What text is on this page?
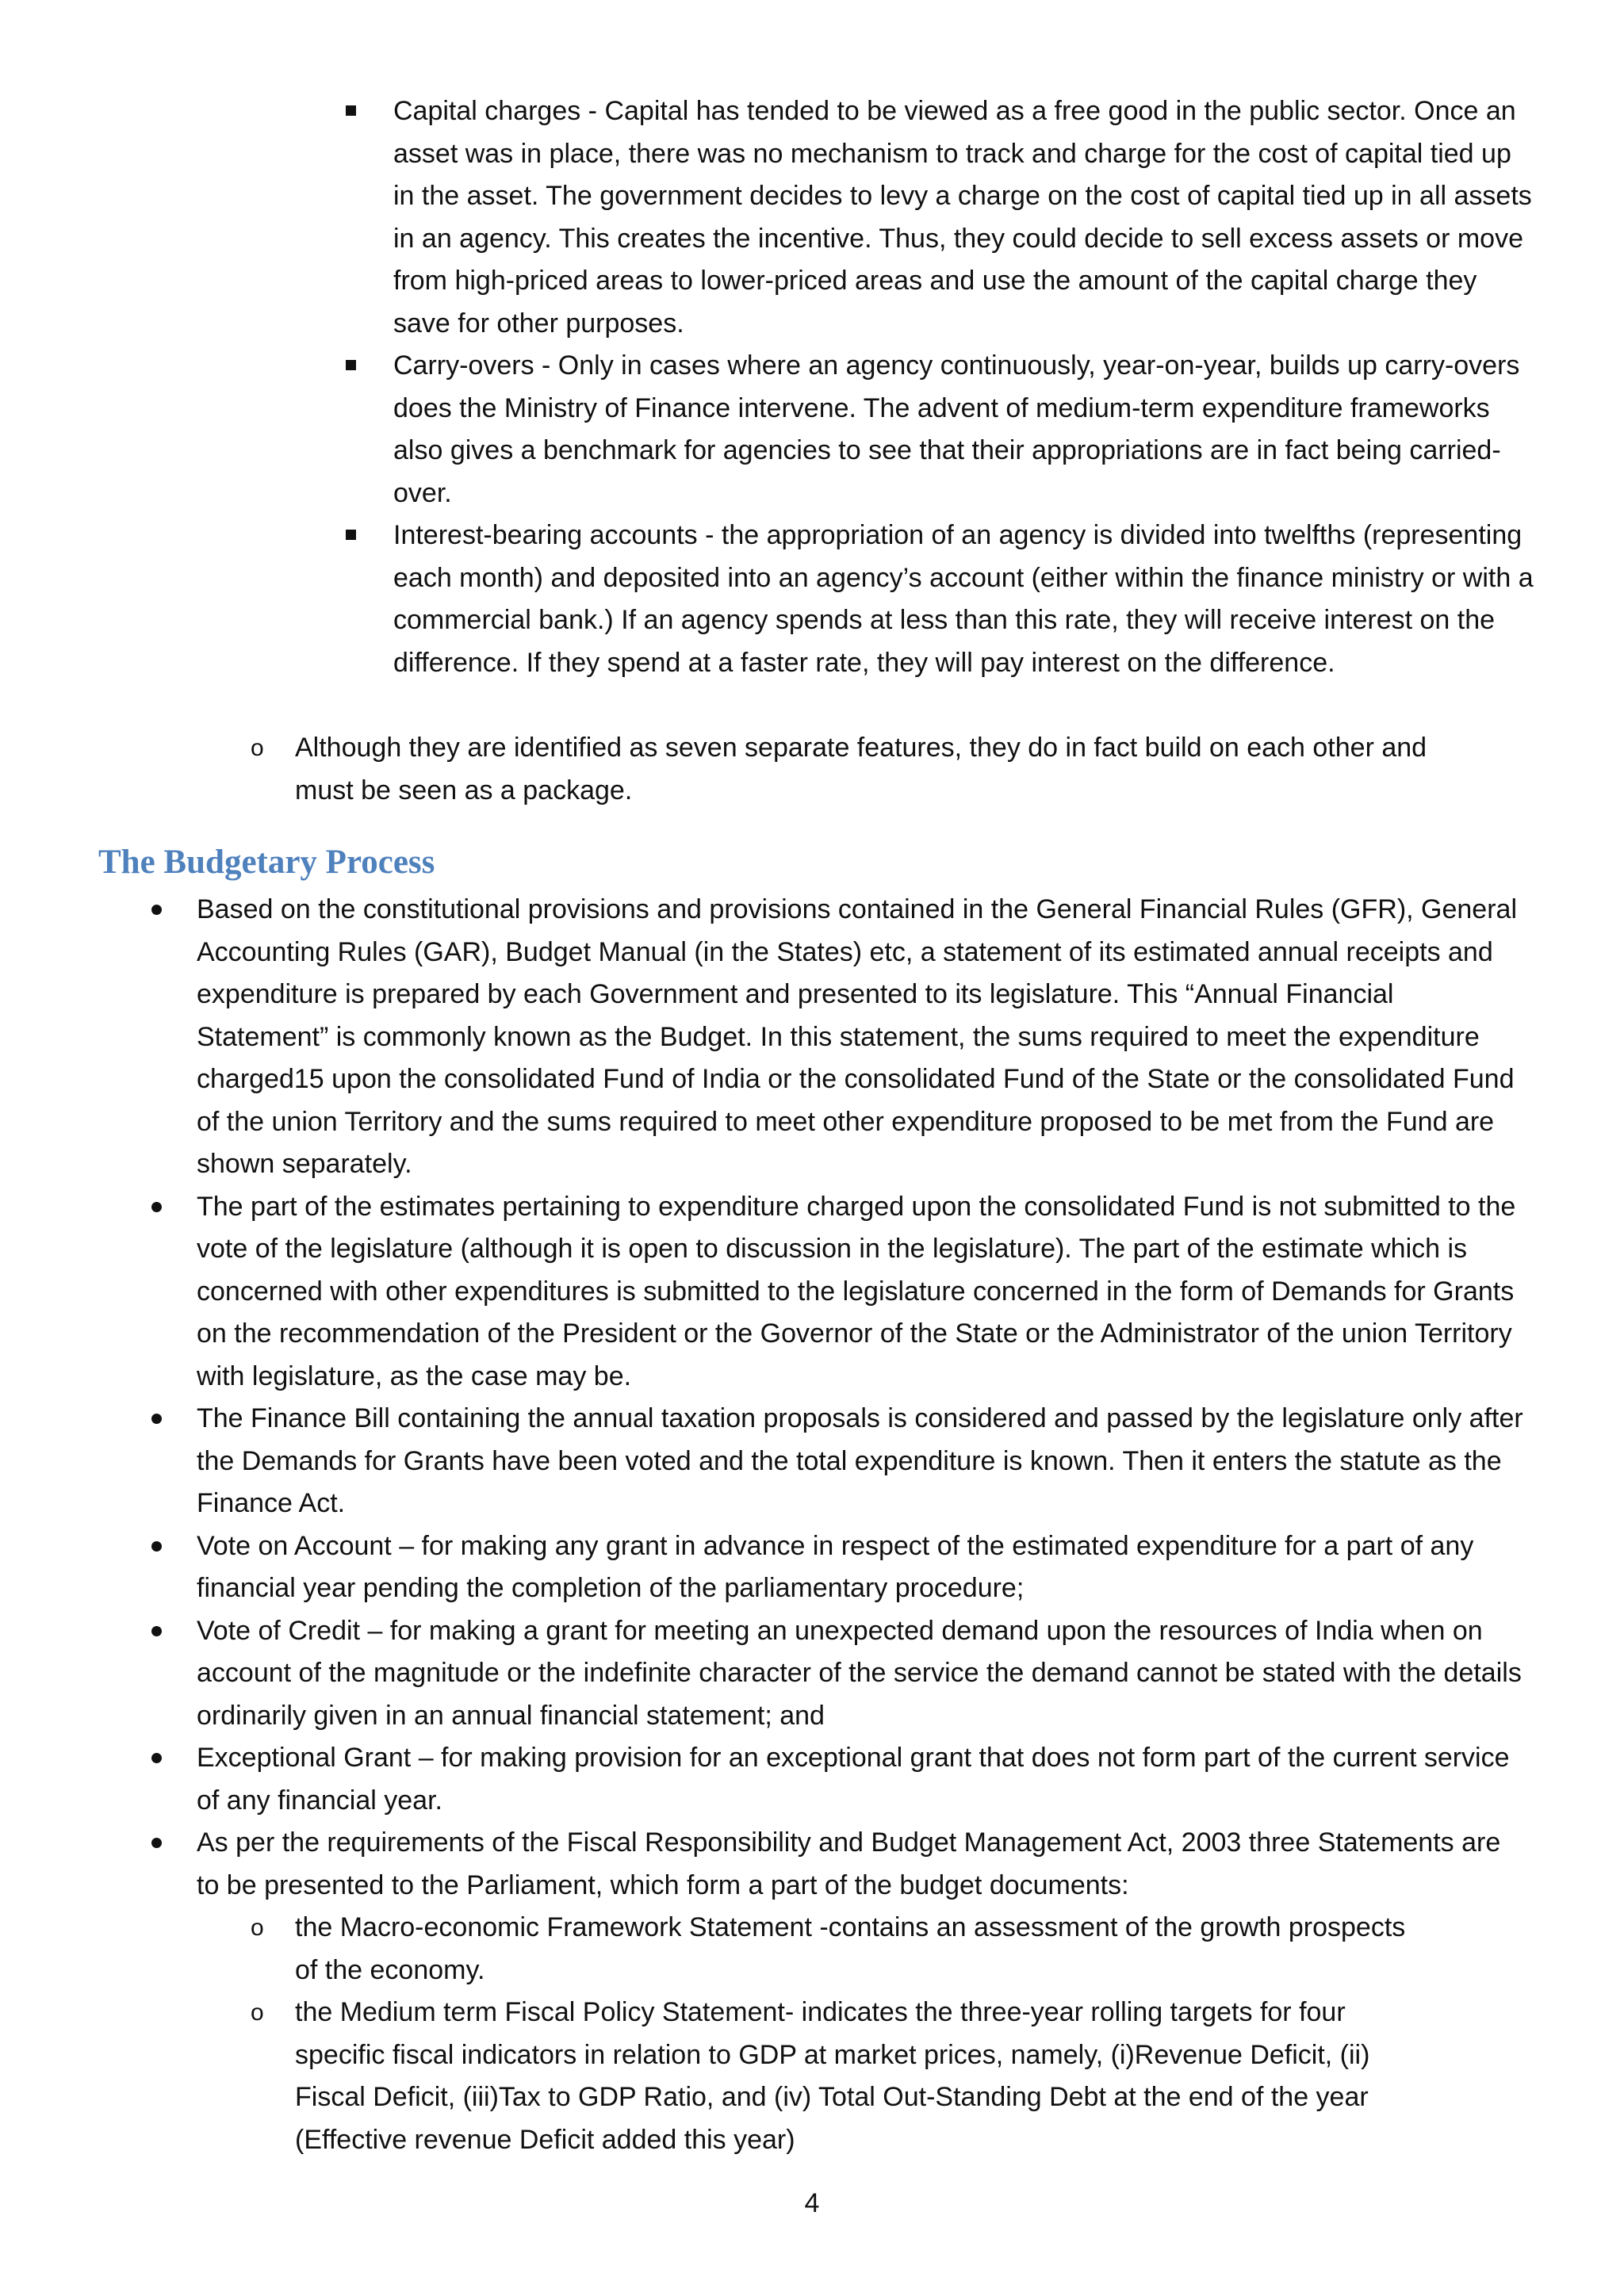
Capital charges - Capital has tended to be viewed as a free good in the public sector. Once an asset was in place, there was no mechanism to track and charge for the cost of capital tied up in the asset. The government decides to levy a charge on the cost of capital tied up in all assets in an agency. This creates the incentive. Thus, they could decide to sell excess assets or move from high-priced areas to lower-priced areas and use the amount of the capital charge they save for other purposes.
Carry-overs - Only in cases where an agency continuously, year-on-year, builds up carry-overs does the Ministry of Finance intervene. The advent of medium-term expenditure frameworks also gives a benchmark for agencies to see that their appropriations are in fact being carried-over.
Interest-bearing accounts - the appropriation of an agency is divided into twelfths (representing each month) and deposited into an agency’s account (either within the finance ministry or with a commercial bank.) If an agency spends at less than this rate, they will receive interest on the difference. If they spend at a faster rate, they will pay interest on the difference.
o Although they are identified as seven separate features, they do in fact build on each other and must be seen as a package.
The Budgetary Process
Based on the constitutional provisions and provisions contained in the General Financial Rules (GFR), General Accounting Rules (GAR), Budget Manual (in the States) etc, a statement of its estimated annual receipts and expenditure is prepared by each Government and presented to its legislature. This “Annual Financial Statement” is commonly known as the Budget. In this statement, the sums required to meet the expenditure charged15 upon the consolidated Fund of India or the consolidated Fund of the State or the consolidated Fund of the union Territory and the sums required to meet other expenditure proposed to be met from the Fund are shown separately.
The part of the estimates pertaining to expenditure charged upon the consolidated Fund is not submitted to the vote of the legislature (although it is open to discussion in the legislature). The part of the estimate which is concerned with other expenditures is submitted to the legislature concerned in the form of Demands for Grants on the recommendation of the President or the Governor of the State or the Administrator of the union Territory with legislature, as the case may be.
The Finance Bill containing the annual taxation proposals is considered and passed by the legislature only after the Demands for Grants have been voted and the total expenditure is known. Then it enters the statute as the Finance Act.
Vote on Account – for making any grant in advance in respect of the estimated expenditure for a part of any financial year pending the completion of the parliamentary procedure;
Vote of Credit – for making a grant for meeting an unexpected demand upon the resources of India when on account of the magnitude or the indefinite character of the service the demand cannot be stated with the details ordinarily given in an annual financial statement; and
Exceptional Grant – for making provision for an exceptional grant that does not form part of the current service of any financial year.
As per the requirements of the Fiscal Responsibility and Budget Management Act, 2003 three Statements are to be presented to the Parliament, which form a part of the budget documents:
o the Macro-economic Framework Statement -contains an assessment of the growth prospects of the economy.
o the Medium term Fiscal Policy Statement- indicates the three-year rolling targets for four specific fiscal indicators in relation to GDP at market prices, namely, (i)Revenue Deficit, (ii) Fiscal Deficit, (iii)Tax to GDP Ratio, and (iv) Total Out-Standing Debt at the end of the year (Effective revenue Deficit added this year)
4
